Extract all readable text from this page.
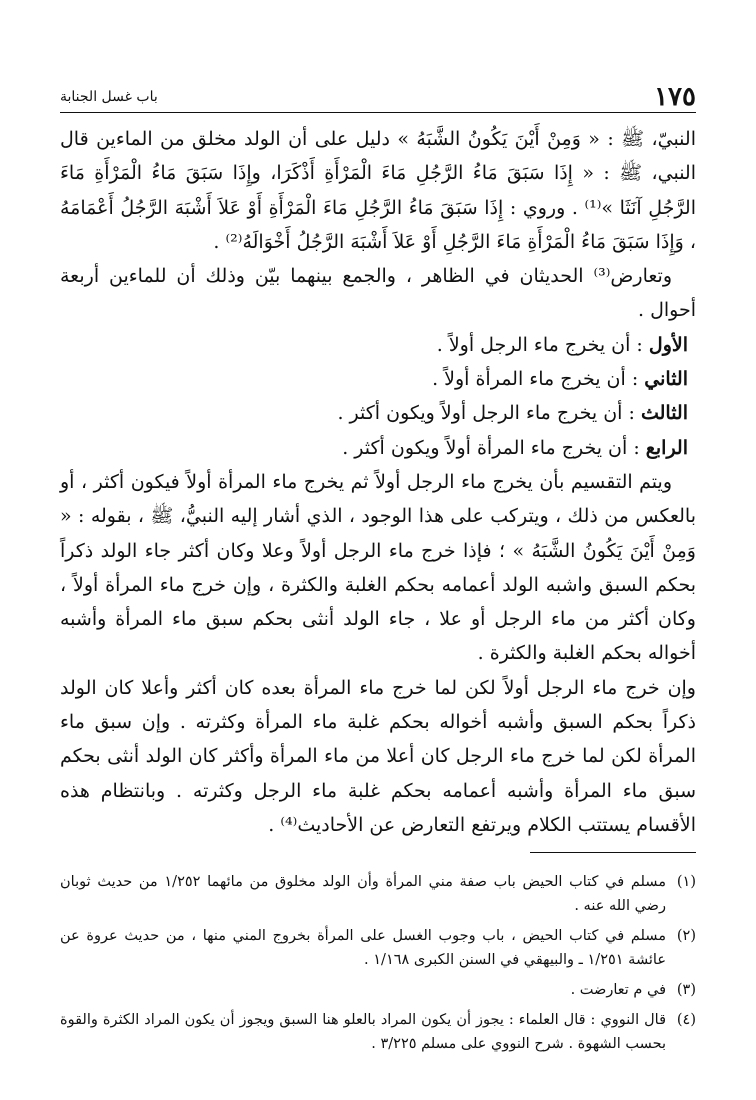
١٧٥
باب غسل الجنابة

النبيّ، ﷺ : « وَمِنْ أَيْنَ يَكُونُ الشَّبَهُ » دليل على أن الولد مخلق من الماءين قال النبي، ﷺ : « إِذَا سَبَقَ مَاءُ الرَّجُلِ مَاءَ الْمَرْأَةِ أَذْكَرَا، وإِذَا سَبَقَ مَاءُ الْمَرْأَةِ مَاءَ الرَّجُلِ آنَثَا »⁽¹⁾ . وروي : إِذَا سَبَقَ مَاءُ الرَّجُلِ مَاءَ الْمَرْأَةِ أَوْ عَلاَ أَشْبَهَ الرَّجُلُ أَعْمَامَهُ ، وَإِذَا سَبَقَ مَاءُ الْمَرْأَةِ مَاءَ الرَّجُلِ أَوْ عَلاَ أَشْبَهَ الرَّجُلُ أَخْوَالَهُ⁽²⁾ .

وتعارض⁽³⁾ الحديثان في الظاهر ، والجمع بينهما بيّن وذلك أن للماءين أربعة أحوال .

الأول : أن يخرج ماء الرجل أولاً .

الثاني : أن يخرج ماء المرأة أولاً .

الثالث : أن يخرج ماء الرجل أولاً ويكون أكثر .

الرابع : أن يخرج ماء المرأة أولاً ويكون أكثر .

ويتم التقسيم بأن يخرج ماء الرجل أولاً ثم يخرج ماء المرأة أولاً فيكون أكثر ، أو بالعكس من ذلك ، ويترکب على هذا الوجود ، الذي أشار إليه النبيُّ، ﷺ ، بقوله : « وَمِنْ أَيْنَ يَكُونُ الشَّبَهُ » ؛ فإذا خرج ماء الرجل أولاً وعلا وكان أكثر جاء الولد ذكراً بحكم السبق واشبه الولد أعمامه بحكم الغلبة والكثرة ، وإن خرج ماء المرأة أولاً ، وكان أكثر من ماء الرجل أو علا ، جاء الولد أنثى بحكم سبق ماء المرأة وأشبه أخواله بحكم الغلبة والكثرة .

وإن خرج ماء الرجل أولاً لكن لما خرج ماء المرأة بعده كان أكثر وأعلا كان الولد ذكراً بحكم السبق وأشبه أخواله بحكم غلبة ماء المرأة وكثرته . وإن سبق ماء المرأة لكن لما خرج ماء الرجل كان أعلا من ماء المرأة وأكثر كان الولد أنثى بحكم سبق ماء المرأة وأشبه أعمامه بحكم غلبة ماء الرجل وكثرته . وبانتظام هذه الأقسام يستتب الكلام ويرتفع التعارض عن الأحاديث⁽⁴⁾ .

(١)
مسلم في كتاب الحيض باب صفة مني المرأة وأن الولد مخلوق من مائهما ١/٢٥٢ من حديث ثوبان رضي الله عنه .

(٢)
مسلم في كتاب الحيض ، باب وجوب الغسل على المرأة بخروج المني منها ، من حديث عروة عن عائشة ١/٢٥١ ـ والبيهقي في السنن الكبرى ١/١٦٨ .

(٣)
في م تعارضت .

(٤)
قال النووي : قال العلماء : يجوز أن يكون المراد بالعلو هنا السبق ويجوز أن يكون المراد الكثرة والقوة بحسب الشهوة . شرح النووي على مسلم ٣/٢٢٥ .
